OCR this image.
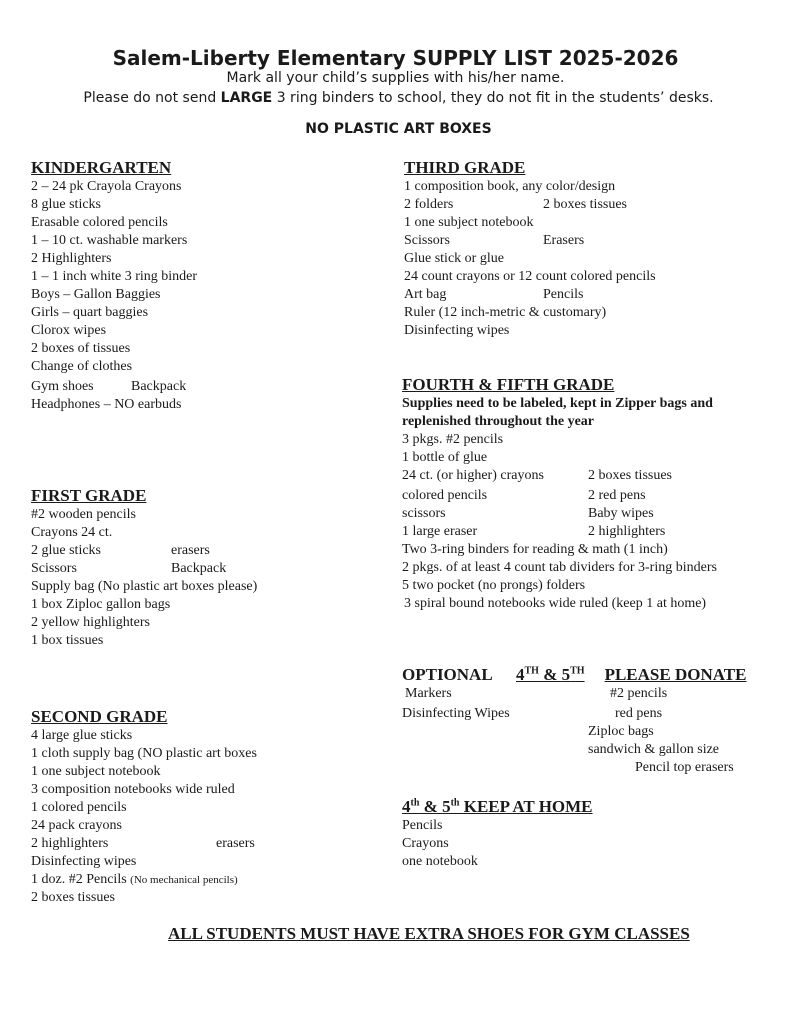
Salem-Liberty Elementary SUPPLY LIST 2025-2026
Mark all your child’s supplies with his/her name.
Please do not send LARGE 3 ring binders to school, they do not fit in the students’ desks.
NO PLASTIC ART BOXES
KINDERGARTEN
2 – 24 pk Crayola Crayons
8 glue sticks
Erasable colored pencils
1 – 10 ct. washable markers
2 Highlighters
1 – 1 inch white 3 ring binder
Boys – Gallon Baggies
Girls – quart baggies
Clorox wipes
2 boxes of tissues
Change of clothes
Gym shoes	Backpack
Headphones – NO earbuds
FIRST GRADE
#2 wooden pencils
Crayons 24 ct.
2 glue sticks	erasers
Scissors	Backpack
Supply bag (No plastic art boxes please)
1 box Ziploc gallon bags
2 yellow highlighters
1 box tissues
SECOND GRADE
4 large glue sticks
1 cloth supply bag (NO plastic art boxes
1 one subject notebook
3 composition notebooks wide ruled
1 colored pencils
24 pack crayons
2 highlighters	erasers
Disinfecting wipes
1 doz. #2 Pencils (No mechanical pencils)
2 boxes tissues
THIRD GRADE
1 composition book, any color/design
2 folders	2 boxes tissues
1 one subject notebook
Scissors	Erasers
Glue stick or glue
24 count crayons or 12 count colored pencils
Art bag	Pencils
Ruler (12 inch-metric & customary)
Disinfecting wipes
FOURTH & FIFTH GRADE
Supplies need to be labeled, kept in Zipper bags and
replenished throughout the year
3 pkgs. #2 pencils
1 bottle of glue
24 ct. (or higher) crayons	2 boxes tissues
colored pencils	2 red pens
scissors	Baby wipes
1 large eraser	2 highlighters
Two 3-ring binders for reading & math (1 inch)
2 pkgs. of at least 4 count tab dividers for 3-ring binders
5 two pocket (no prongs) folders
3 spiral bound notebooks wide ruled (keep 1 at home)
OPTIONAL 4TH & 5TH PLEASE DONATE
Markers	#2 pencils
Disinfecting Wipes	red pens
Ziploc bags
sandwich & gallon size
Pencil top erasers
4th & 5th KEEP AT HOME
Pencils
Crayons
one notebook
ALL STUDENTS MUST HAVE EXTRA SHOES FOR GYM CLASSES
